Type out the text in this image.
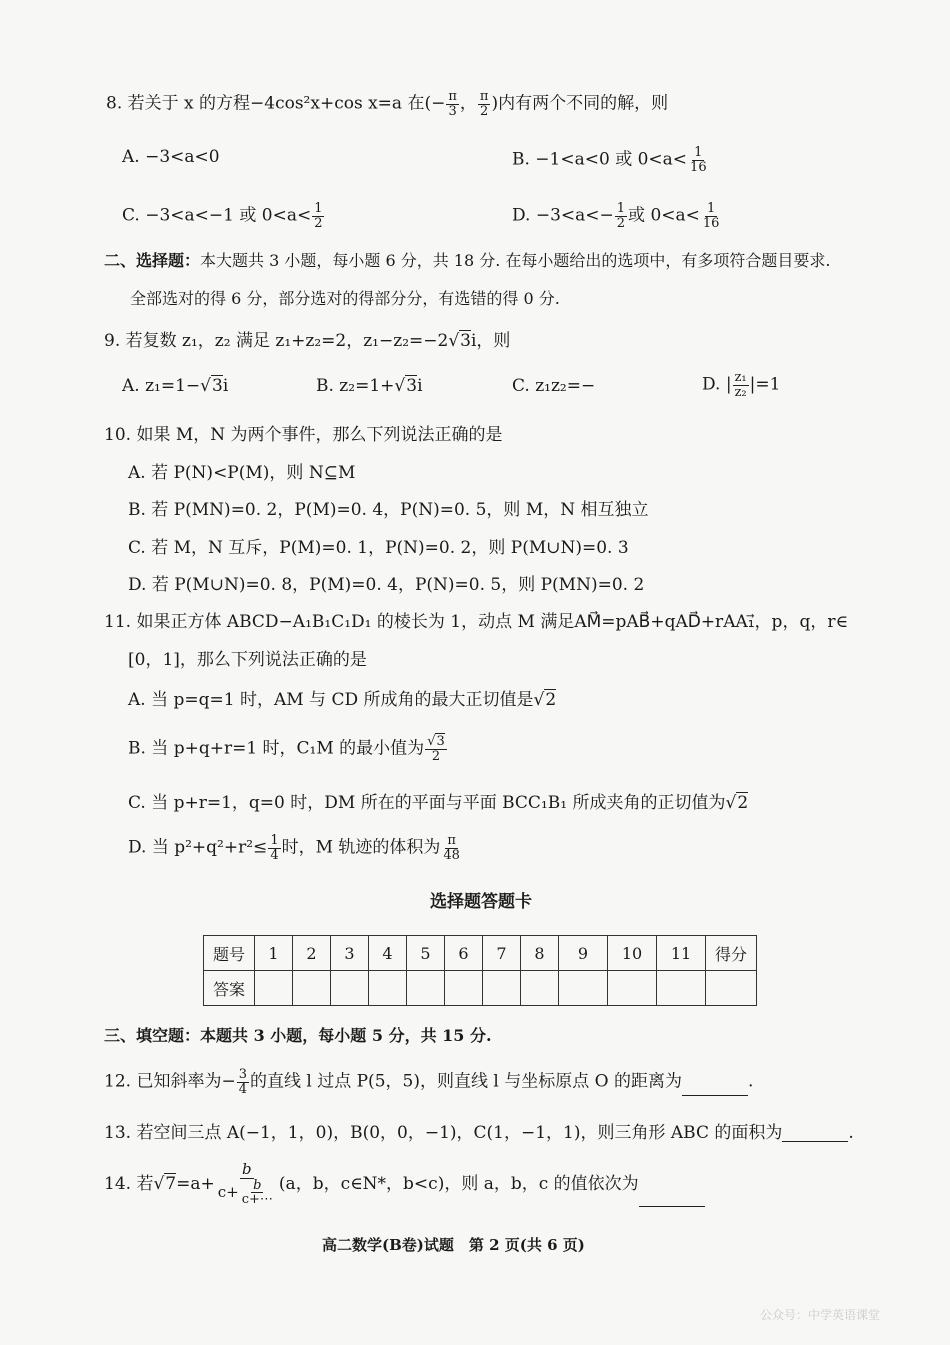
8. 若关于 x 的方程−4cos²x+cos x=a 在(− $\frac{\pi}{3}$ ， $\frac{\pi}{2}$ )内有两个不同的解，则
A. −3<a<0	B. −1<a<0 或 $0<a< \frac{1}{16}$
C. −3<a<−1 或 $0<a< \frac{1}{2}$	D. $-3<a<- \frac{1}{2}$ 或 $0<a< \frac{1}{16}$
二、选择题：本大题共 3 小题，每小题 6 分，共 18 分. 在每小题给出的选项中，有多项符合题目要求.
全部选对的得 6 分，部分选对的得部分分，有选错的得 0 分.
9. 若复数 z₁，z₂ 满足 z₁+z₂=2，z₁−z₂=−2√3i，则
A. z₁=1−√3i	B. z₂=1+√3i	C. z₁z₂=−	D. | $\frac{\text{z₁}}{\text{z₂}} |=1$
10. 如果 M，N 为两个事件，那么下列说法正确的是
A. 若 P(N)<P(M)，则 N⊆M
B. 若 P(MN)=0. 2，P(M)=0. 4，P(N)=0. 5，则 M，N 相互独立
C. 若 M，N 互斥，P(M)=0. 1，P(N)=0. 2，则 P(M∪N)=0. 3
D. 若 P(M∪N)=0. 8，P(M)=0. 4，P(N)=0. 5，则 P(MN)=0. 2
11. 如果正方体 ABCD−A₁B₁C₁D₁ 的棱长为 1，动点 M 满足AM⃗=pAB⃗+qAD⃗+rAA₁⃗，p，q，r∈
[0，1]，那么下列说法正确的是
A. 当 p=q=1 时，AM 与 CD 所成角的最大正切值是√2
B. 当 p+q+r=1 时，C₁M 的最小值为 $\frac{√3}{2}$
C. 当 p+r=1，q=0 时，DM 所在的平面与平面 BCC₁B₁ 所成夹角的正切值为√2
D. 当 $p^2+q^2+r^2\le \frac{1}{4}$ 时，M 轨迹的体积为 $\frac{\pi}{48}$
选择题答题卡
题号	1	2	3	4	5	6	7	8	9	10	11	得分
答案												
三、填空题：本题共 3 小题，每小题 5 分，共 15 分.
12. 已知斜率为− $\frac{3}{4}$ 的直线 l 过点 P(5，5)，则直线 l 与坐标原点 O 的距离为	.
13. 若空间三点 A(−1，1，0)，B(0，0，−1)，C(1，−1，1)，则三角形 ABC 的面积为	.
14. 若$√7=a+ \frac{b}{c+ \frac{b}{c+\cdots}} (a$，b，c∈N*，b<c)，则 a，b，c 的值依次为
高二数学(B卷)试题　第 2 页(共 6 页)
公众号：中学英语课堂
